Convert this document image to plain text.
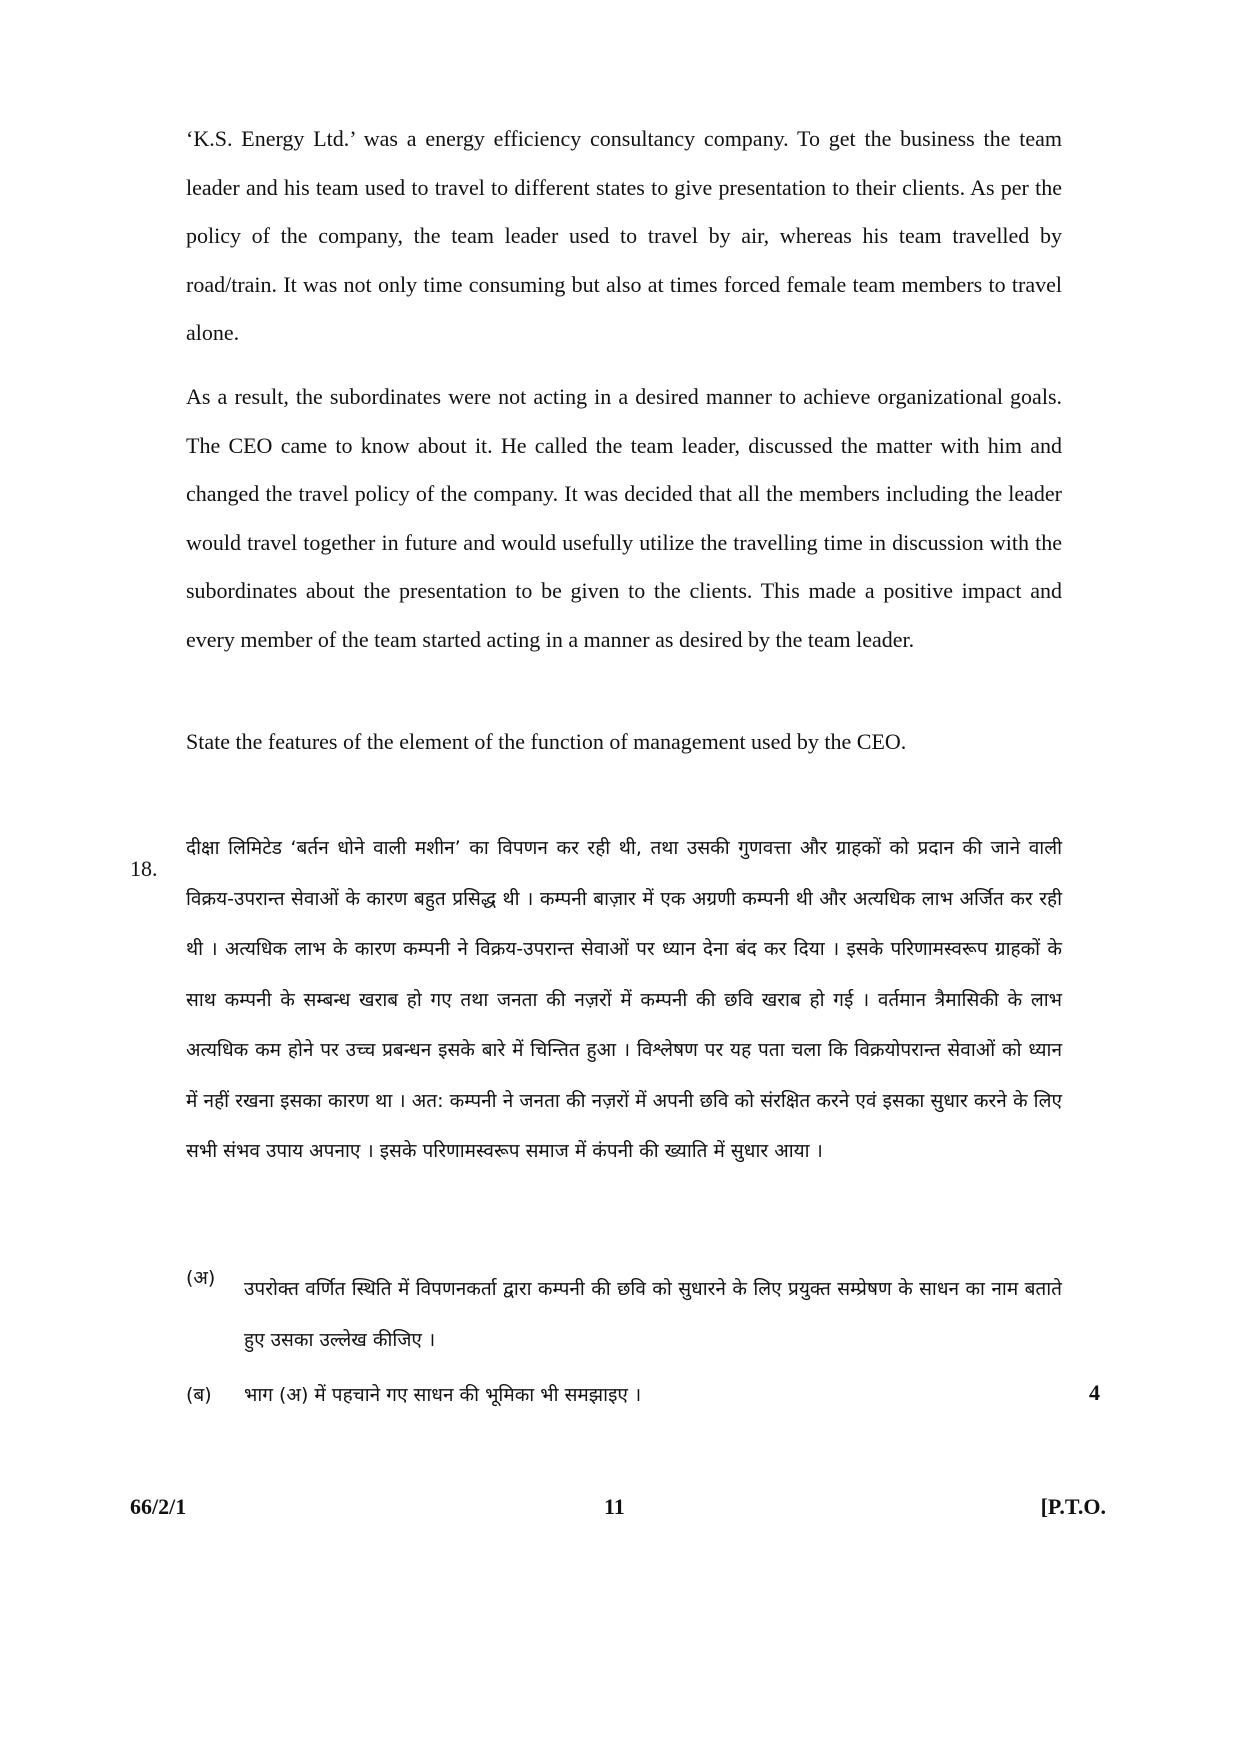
‘K.S. Energy Ltd.’ was a energy efficiency consultancy company. To get the business the team leader and his team used to travel to different states to give presentation to their clients. As per the policy of the company, the team leader used to travel by air, whereas his team travelled by road/train. It was not only time consuming but also at times forced female team members to travel alone.
As a result, the subordinates were not acting in a desired manner to achieve organizational goals. The CEO came to know about it. He called the team leader, discussed the matter with him and changed the travel policy of the company. It was decided that all the members including the leader would travel together in future and would usefully utilize the travelling time in discussion with the subordinates about the presentation to be given to the clients. This made a positive impact and every member of the team started acting in a manner as desired by the team leader.
State the features of the element of the function of management used by the CEO.
18.
दीक्षा लिमिटेड ‘बर्तन धोने वाली मशीन’ का विपणन कर रही थी, तथा उसकी गुणवत्ता और ग्राहकों को प्रदान की जाने वाली विक्रय-उपरान्त सेवाओं के कारण बहुत प्रसिद्ध थी । कम्पनी बाज़ार में एक अग्रणी कम्पनी थी और अत्यधिक लाभ अर्जित कर रही थी । अत्यधिक लाभ के कारण कम्पनी ने विक्रय-उपरान्त सेवाओं पर ध्यान देना बंद कर दिया । इसके परिणामस्वरूप ग्राहकों के साथ कम्पनी के सम्बन्ध खराब हो गए तथा जनता की नज़रों में कम्पनी की छवि खराब हो गई । वर्तमान त्रैमासिकी के लाभ अत्यधिक कम होने पर उच्च प्रबन्धन इसके बारे में चिन्तित हुआ । विश्लेषण पर यह पता चला कि विक्रयोपरान्त सेवाओं को ध्यान में नहीं रखना इसका कारण था । अत: कम्पनी ने जनता की नज़रों में अपनी छवि को संरक्षित करने एवं इसका सुधार करने के लिए सभी संभव उपाय अपनाए । इसके परिणामस्वरूप समाज में कंपनी की ख्याति में सुधार आया ।
(अ) उपरोक्त वर्णित स्थिति में विपणनकर्ता द्वारा कम्पनी की छवि को सुधारने के लिए प्रयुक्त सम्प्रेषण के साधन का नाम बताते हुए उसका उल्लेख कीजिए ।
(ब) भाग (अ) में पहचाने गए साधन की भूमिका भी समझाइए ।	4
66/2/1	11	[P.T.O.
